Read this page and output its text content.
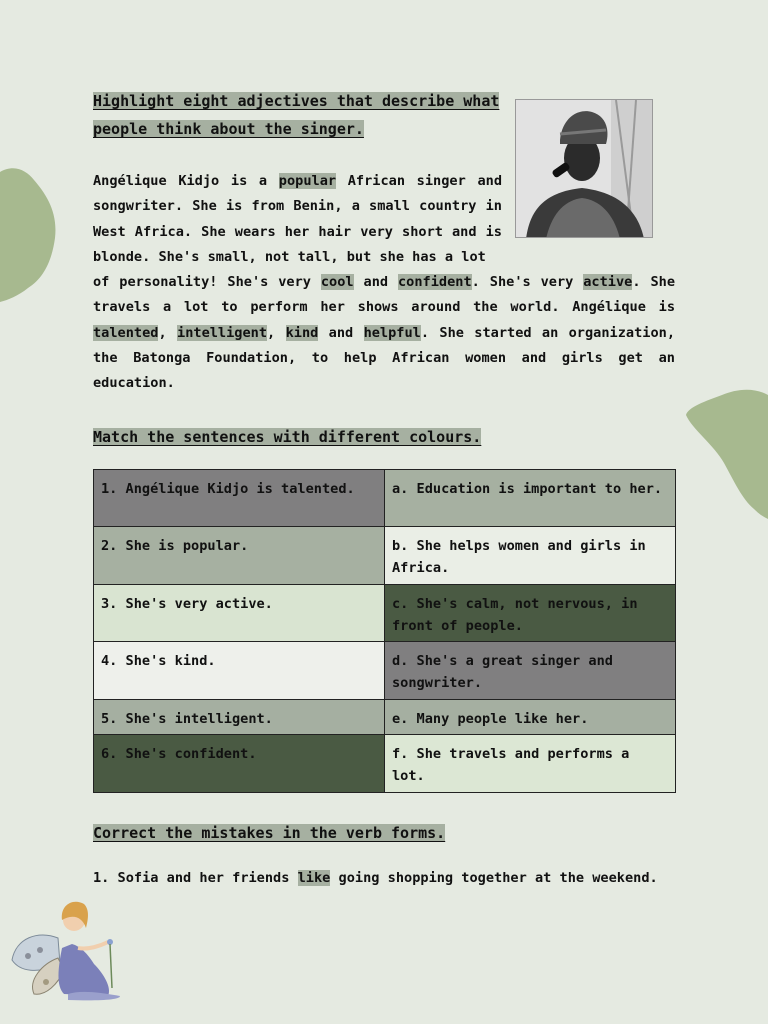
Highlight eight adjectives that describe what
people think about the singer.
Angélique Kidjo is a popular African singer and songwriter. She is from Benin, a small country in West Africa. She wears her hair very short and is blonde. She's small, not tall, but she has a lot
of personality! She's very cool and confident. She's very active. She travels a lot to perform her shows around the world. Angélique is talented, intelligent, kind and helpful. She started an organization, the Batonga Foundation, to help African women and girls get an education.
Match the sentences with different colours.
1. Angélique Kidjo is talented.	a. Education is important to her.
2. She is popular.	b. She helps women and girls in Africa.
3. She's very active.	c. She's calm, not nervous, in front of people.
4. She's kind.	d. She's a great singer and songwriter.
5. She's intelligent.	e. Many people like her.
6. She's confident.	f. She travels and performs a lot.
Correct the mistakes in the verb forms.
1. Sofia and her friends like going shopping together at the weekend.
